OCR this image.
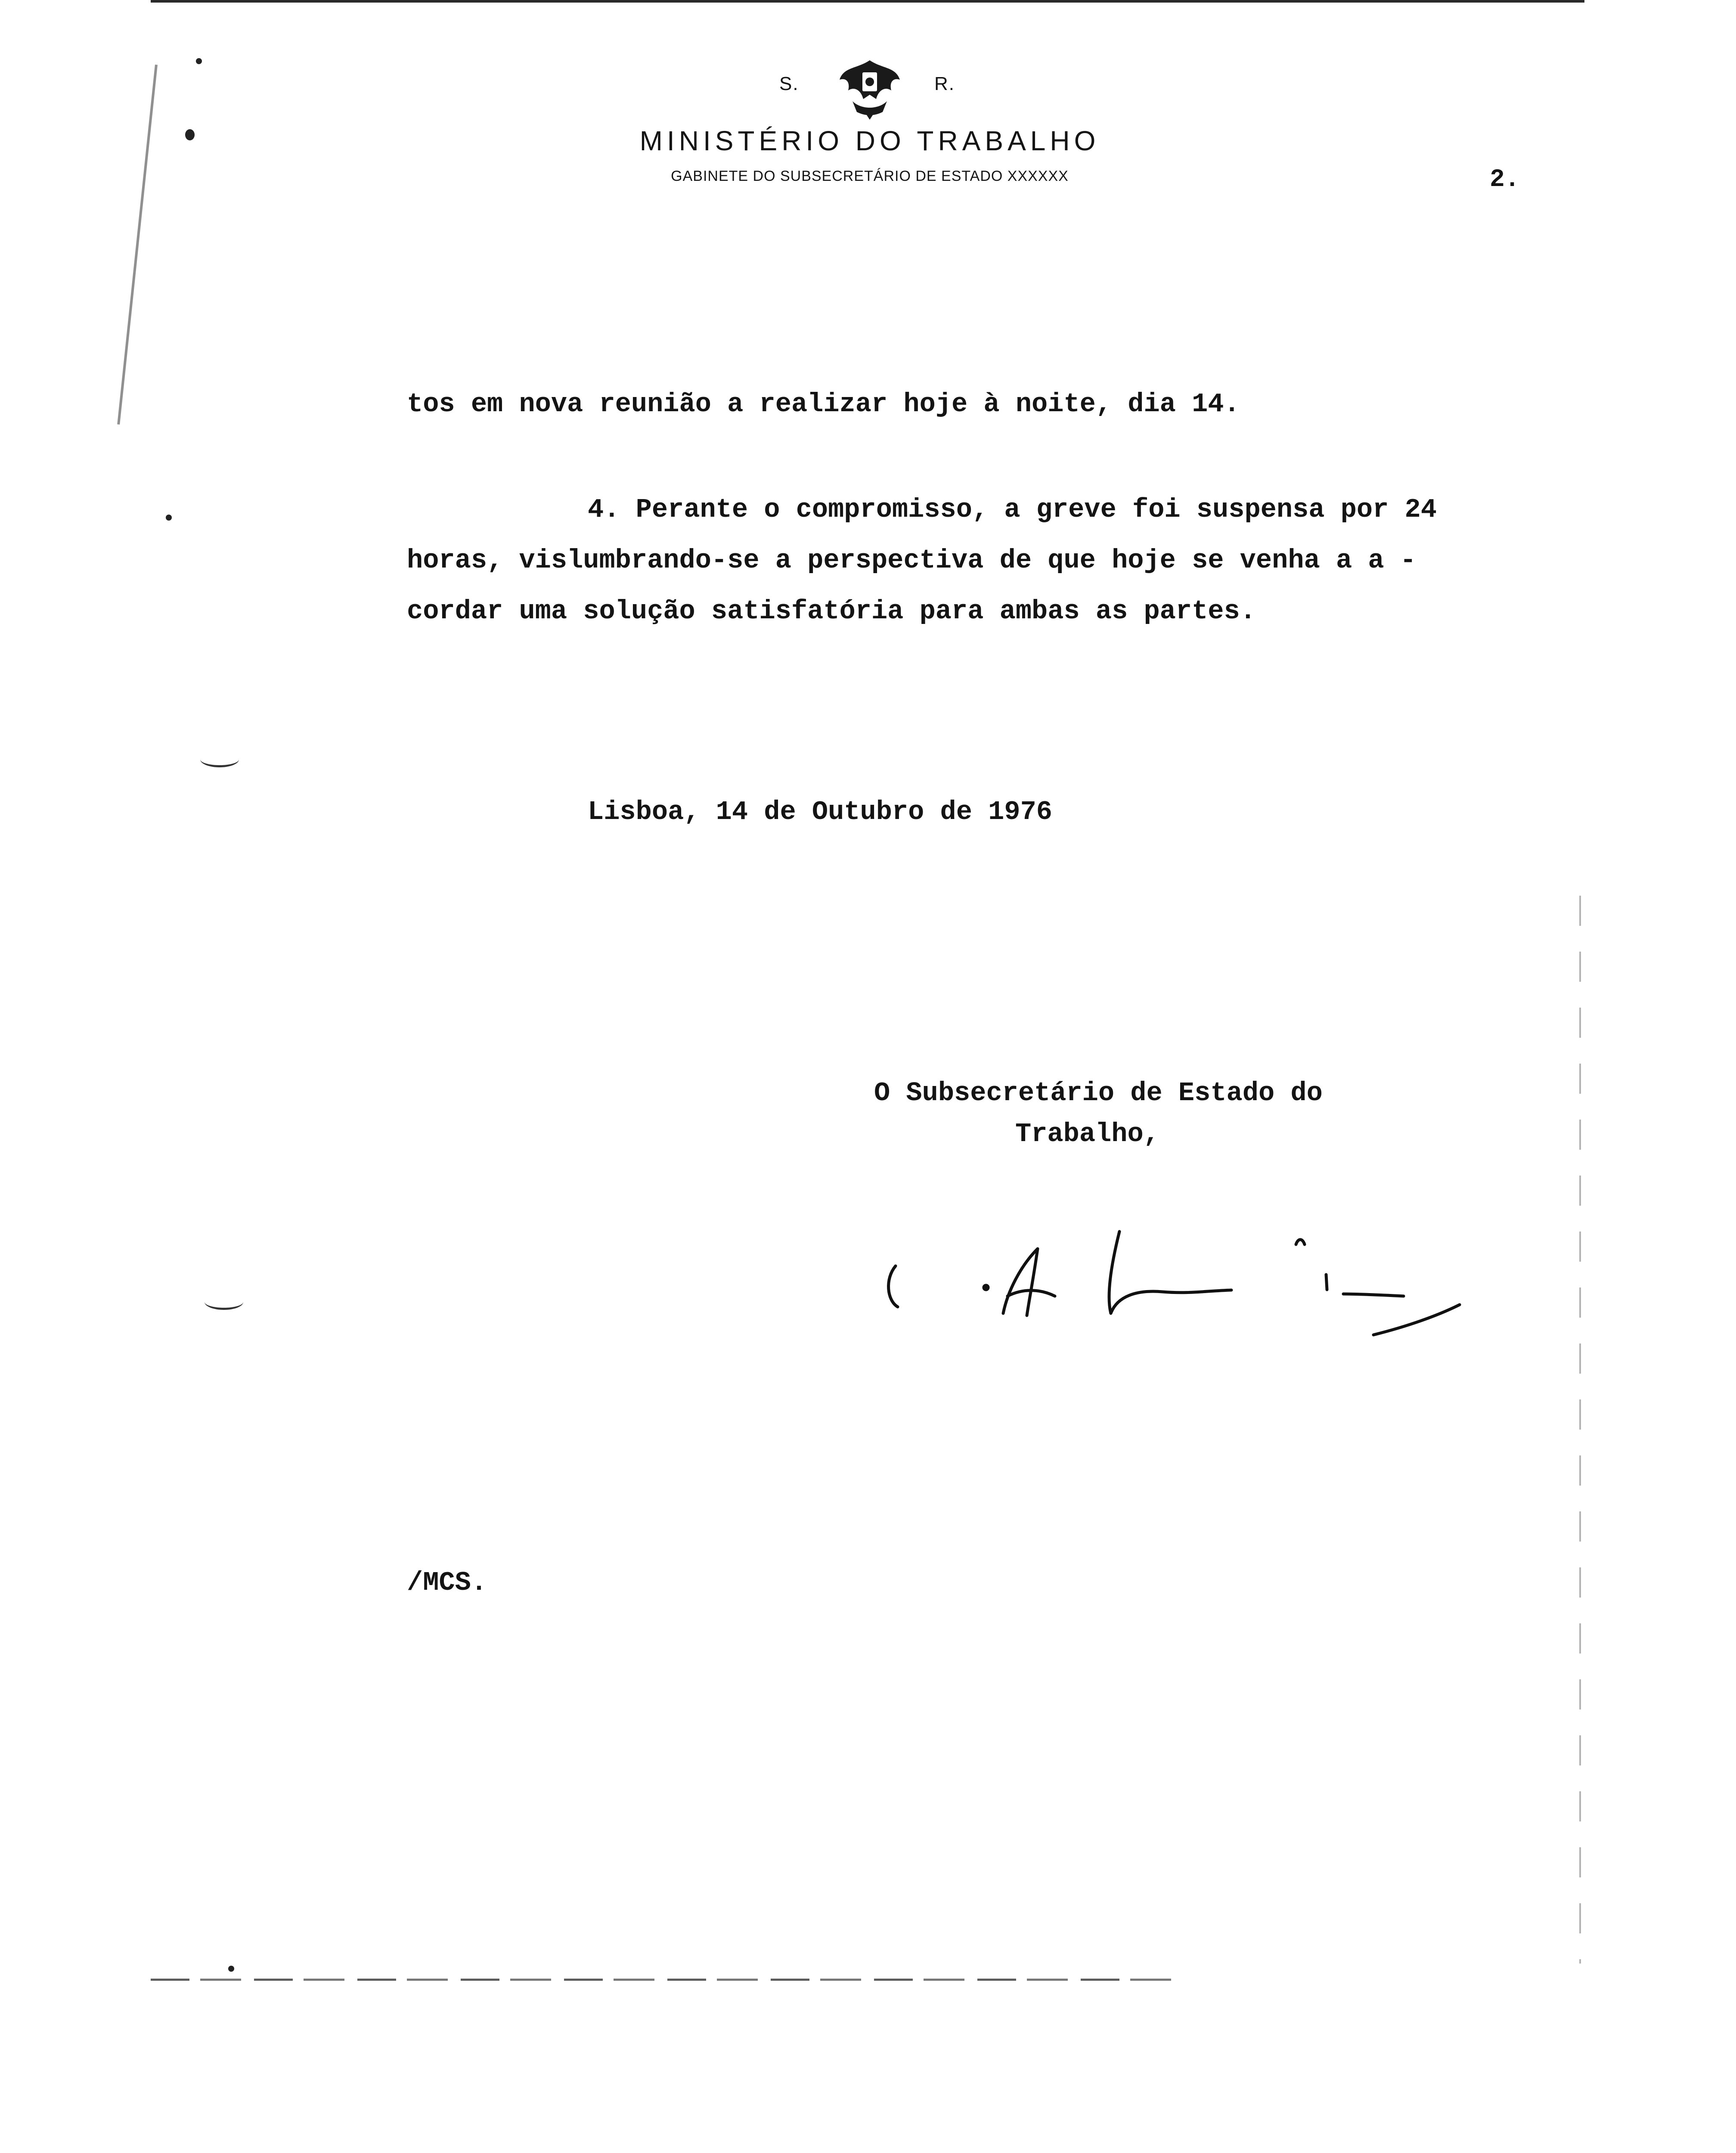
S.	R.
MINISTÉRIO DO TRABALHO
GABINETE DO SUBSECRETÁRIO DE ESTADO XXXXXX	2.
tos em nova reunião a realizar hoje à noite, dia 14.
4. Perante o compromisso, a greve foi suspensa por 24
horas, vislumbrando-se a perspectiva de que hoje se venha a a -
cordar uma solução satisfatória para ambas as partes.
Lisboa, 14 de Outubro de 1976
O Subsecretário de Estado do
Trabalho,
/MCS.
